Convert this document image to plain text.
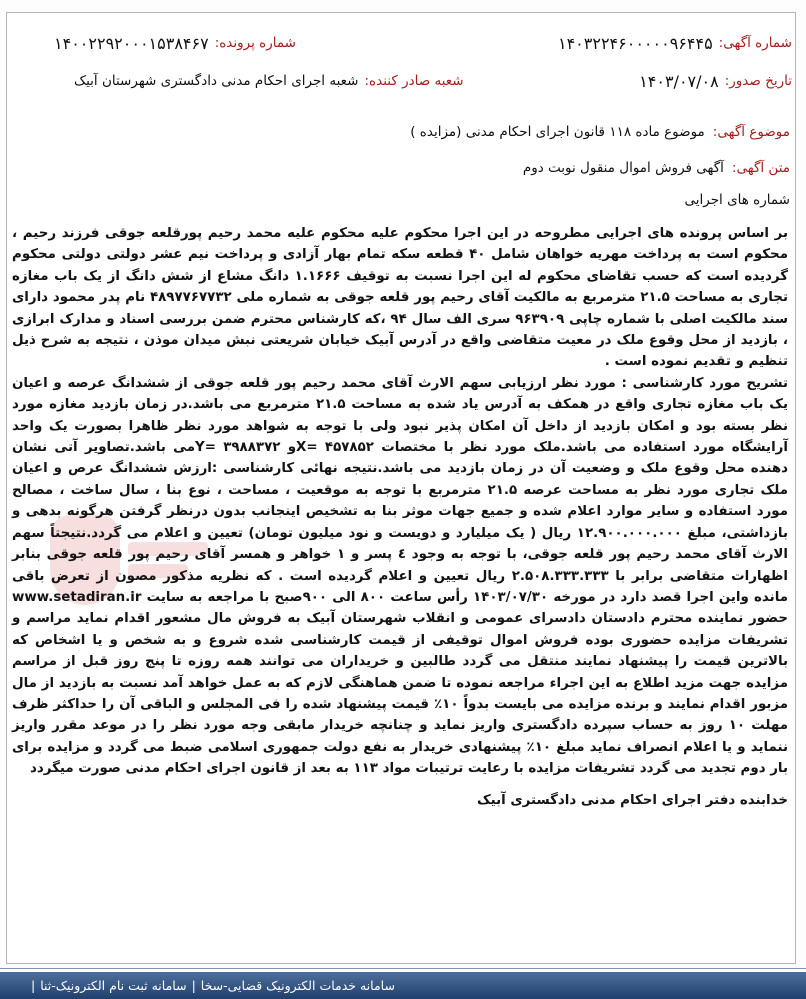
شماره آگهی:
۱۴۰۳۲۲۴۶۰۰۰۰۰۹۶۴۴۵
شماره پرونده:
۱۴۰۰۲۲۹۲۰۰۰۱۵۳۸۴۶۷
تاریخ صدور:
۱۴۰۳/۰۷/۰۸
شعبه صادر کننده:
شعبه اجرای احکام مدنی دادگستری شهرستان آبیک
موضوع آگهی:
موضوع ماده ۱۱۸ قانون اجرای احکام مدنی (مزایده )
متن آگهی:
آگهی فروش اموال منقول نوبت دوم
شماره های اجرایی

بر اساس پرونده های اجرایی مطروحه در این اجرا محکوم علیه محکوم علیه محمد رحیم پورقلعه جوقی فرزند رحیم ، محکوم است به پرداخت مهریه خواهان شامل ۴۰ قطعه سکه تمام بهار آزادی و پرداخت نیم عشر دولتی دولتی محکوم گردیده است که حسب تقاضای محکوم له این اجرا نسبت به توقیف ۱.۱۶۶۶ دانگ مشاع از شش دانگ از یک باب مغازه تجاری به مساحت ۲۱.۵ مترمربع به مالکیت آقای رحیم پور قلعه جوقی به شماره ملی ۴۸۹۷۷۶۷۷۳۲ نام پدر محمود دارای سند مالکیت اصلی با شماره چاپی ۹۶۳۹۰۹ سری الف سال ۹۴ ،که کارشناس محترم ضمن بررسی اسناد و مدارک ابرازی ، بازدید از محل وقوع ملک در معیت متقاضی واقع در آدرس آبیک خیابان شریعتی نبش میدان موذن ، نتیجه به شرح ذیل تنظیم و تقدیم نموده است .

تشریح مورد کارشناسی : مورد نظر ارزیابی سهم الارث آقای محمد رحیم پور قلعه جوقی از ششدانگ عرصه و اعیان یک باب مغازه تجاری واقع در همکف به آدرس یاد شده به مساحت ۲۱.۵ مترمربع می باشد.در زمان بازدید مغازه مورد نظر بسته بود و امکان بازدید از داخل آن امکان پذیر نبود ولی با توجه به شواهد مورد نظر ظاهرا بصورت یک واحد آرایشگاه مورد استفاده می باشد.ملک مورد نظر با مختصات ۴۵۷۸۵۲ =Xو ۳۹۸۸۳۷۲ =Yمی باشد.تصاویر آتی نشان دهنده محل وقوع ملک و وضعیت آن در زمان بازدید می باشد.نتیجه نهائی کارشناسی :ارزش ششدانگ عرص و اعیان ملک تجاری مورد نظر به مساحت عرصه ۲۱.۵ مترمربع با توجه به موقعیت ، مساحت ، نوع بنا ، سال ساخت ، مصالح مورد استفاده و سایر موارد اعلام شده و جمیع جهات موثر بنا به تشخیص اینجانب بدون درنظر گرفتن هرگونه بدهی و بازداشتی، مبلغ ۱۲.۹۰۰.۰۰۰.۰۰۰ ریال ( یک میلیارد و دویست و نود میلیون تومان) تعیین و اعلام می گردد.نتیجتاً سهم الارث آقای محمد رحیم پور قلعه جوقی، با توجه به وجود ٤ پسر و ۱ خواهر و همسر آقای رحیم پور قلعه جوقی بنابر اظهارات متقاضی برابر با ۲.۵۰۸.۳۳۳.۳۳۳ ریال تعیین و اعلام گردیده است . که نظریه مذکور مصون از تعرض باقی مانده واین اجرا قصد دارد در مورخه ۱۴۰۳/۰۷/۳۰ رأس ساعت ۸۰۰ الی ۹۰۰صبح با مراجعه به سایت www.setadiran.ir حضور نماینده محترم دادستان دادسرای عمومی و انقلاب شهرستان آبیک به فروش مال مشعور اقدام نماید مراسم و تشریفات مزایده حضوری بوده فروش اموال توقیفی از قیمت کارشناسی شده شروع و به شخص و یا اشخاص که بالاترین قیمت را پیشنهاد نمایند منتقل می گردد طالبین و خریداران می توانند همه روزه تا پنج روز قبل از مراسم مزایده جهت مزید اطلاع به این اجراء مراجعه نموده تا ضمن هماهنگی لازم که به عمل خواهد آمد نسبت به بازدید از مال مزبور اقدام نمایند و برنده مزایده می بایست بدواً ۱۰٪ قیمت پیشنهاد شده را فی المجلس و الباقی آن را حداکثر ظرف مهلت ۱۰ روز به حساب سپرده دادگستری واریز نماید و چنانچه خریدار مابقی وجه مورد نظر را در موعد مقرر واریز ننماید و یا اعلام انصراف نماید مبلغ ۱۰٪ پیشنهادی خریدار به نفع دولت جمهوری اسلامی ضبط می گردد و مزایده برای بار دوم تجدید می گردد تشریفات مزایده با رعایت ترتیبات مواد ۱۱۳ به بعد از قانون اجرای احکام مدنی صورت میگردد

خدابنده دفتر اجرای احکام مدنی دادگستری آبیک

سامانه خدمات الکترونیک قضایی-سخا
|
سامانه ثبت نام الکترونیک-ثنا
|
